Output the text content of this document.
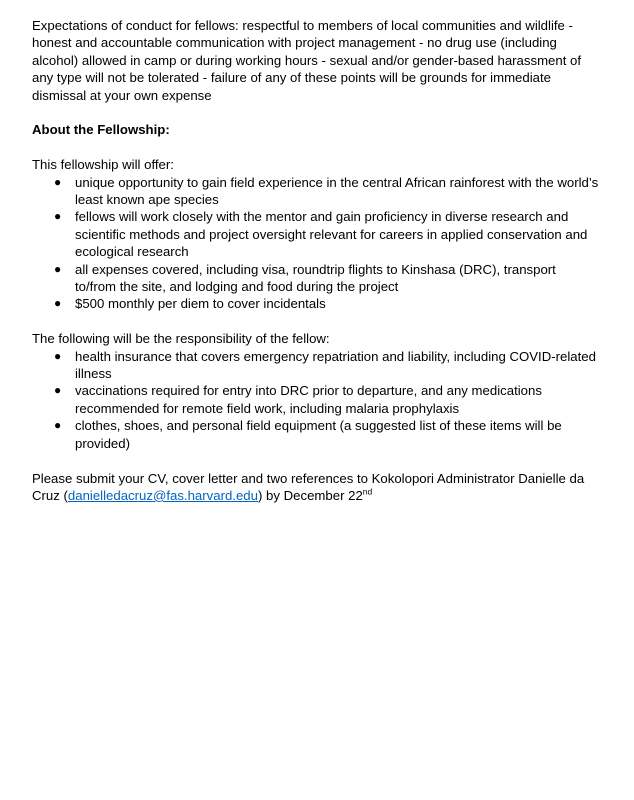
Expectations of conduct for fellows: respectful to members of local communities and wildlife - honest and accountable communication with project management - no drug use (including alcohol) allowed in camp or during working hours - sexual and/or gender-based harassment of any type will not be tolerated - failure of any of these points will be grounds for immediate dismissal at your own expense

About the Fellowship:

This fellowship will offer:

● unique opportunity to gain field experience in the central African rainforest with the world’s least known ape species
● fellows will work closely with the mentor and gain proficiency in diverse research and scientific methods and project oversight relevant for careers in applied conservation and ecological research
● all expenses covered, including visa, roundtrip flights to Kinshasa (DRC), transport to/from the site, and lodging and food during the project
● $500 monthly per diem to cover incidentals

The following will be the responsibility of the fellow:

● health insurance that covers emergency repatriation and liability, including COVID-related illness
● vaccinations required for entry into DRC prior to departure, and any medications recommended for remote field work, including malaria prophylaxis
● clothes, shoes, and personal field equipment (a suggested list of these items will be provided)

Please submit your CV, cover letter and two references to Kokolopori Administrator Danielle da Cruz (danielledacruz@fas.harvard.edu) by December 22nd
